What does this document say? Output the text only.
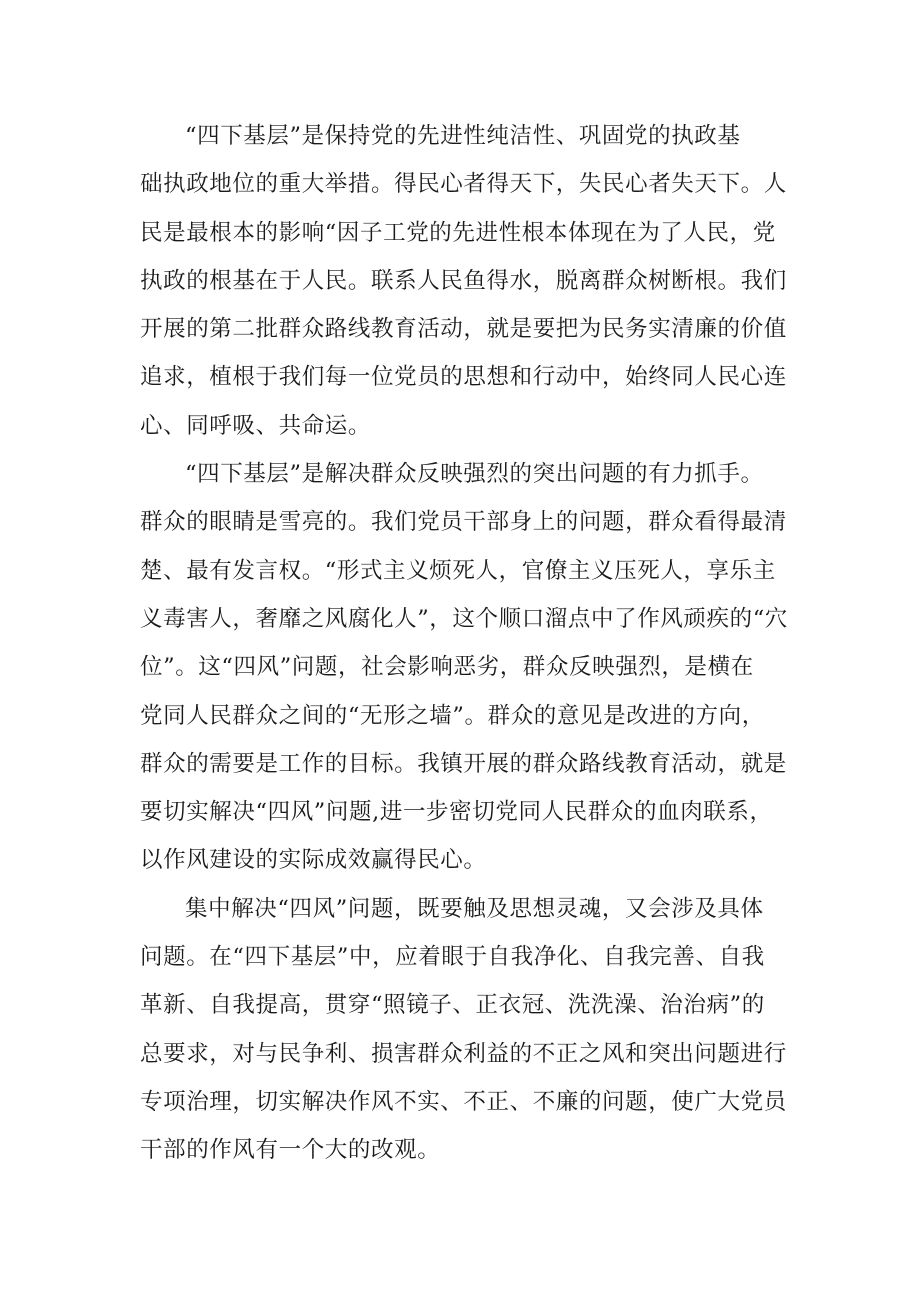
“四下基层”是保持党的先进性纯洁性、巩固党的执政基
础执政地位的重大举措。得民心者得天下，失民心者失天下。人
民是最根本的影响“因子工党的先进性根本体现在为了人民，党
执政的根基在于人民。联系人民鱼得水，脱离群众树断根。我们
开展的第二批群众路线教育活动，就是要把为民务实清廉的价值
追求，植根于我们每一位党员的思想和行动中，始终同人民心连
心、同呼吸、共命运。
“四下基层”是解决群众反映强烈的突出问题的有力抓手。
群众的眼睛是雪亮的。我们党员干部身上的问题，群众看得最清
楚、最有发言权。“形式主义烦死人，官僚主义压死人，享乐主
义毒害人，奢靡之风腐化人”，这个顺口溜点中了作风顽疾的“穴
位”。这“四风”问题，社会影响恶劣，群众反映强烈，是横在
党同人民群众之间的“无形之墙”。群众的意见是改进的方向，
群众的需要是工作的目标。我镇开展的群众路线教育活动，就是
要切实解决“四风”问题,进一步密切党同人民群众的血肉联系，
以作风建设的实际成效赢得民心。
集中解决“四风”问题，既要触及思想灵魂，又会涉及具体
问题。在“四下基层”中，应着眼于自我净化、自我完善、自我
革新、自我提高，贯穿“照镜子、正衣冠、洗洗澡、治治病”的
总要求，对与民争利、损害群众利益的不正之风和突出问题进行
专项治理，切实解决作风不实、不正、不廉的问题，使广大党员
干部的作风有一个大的改观。
